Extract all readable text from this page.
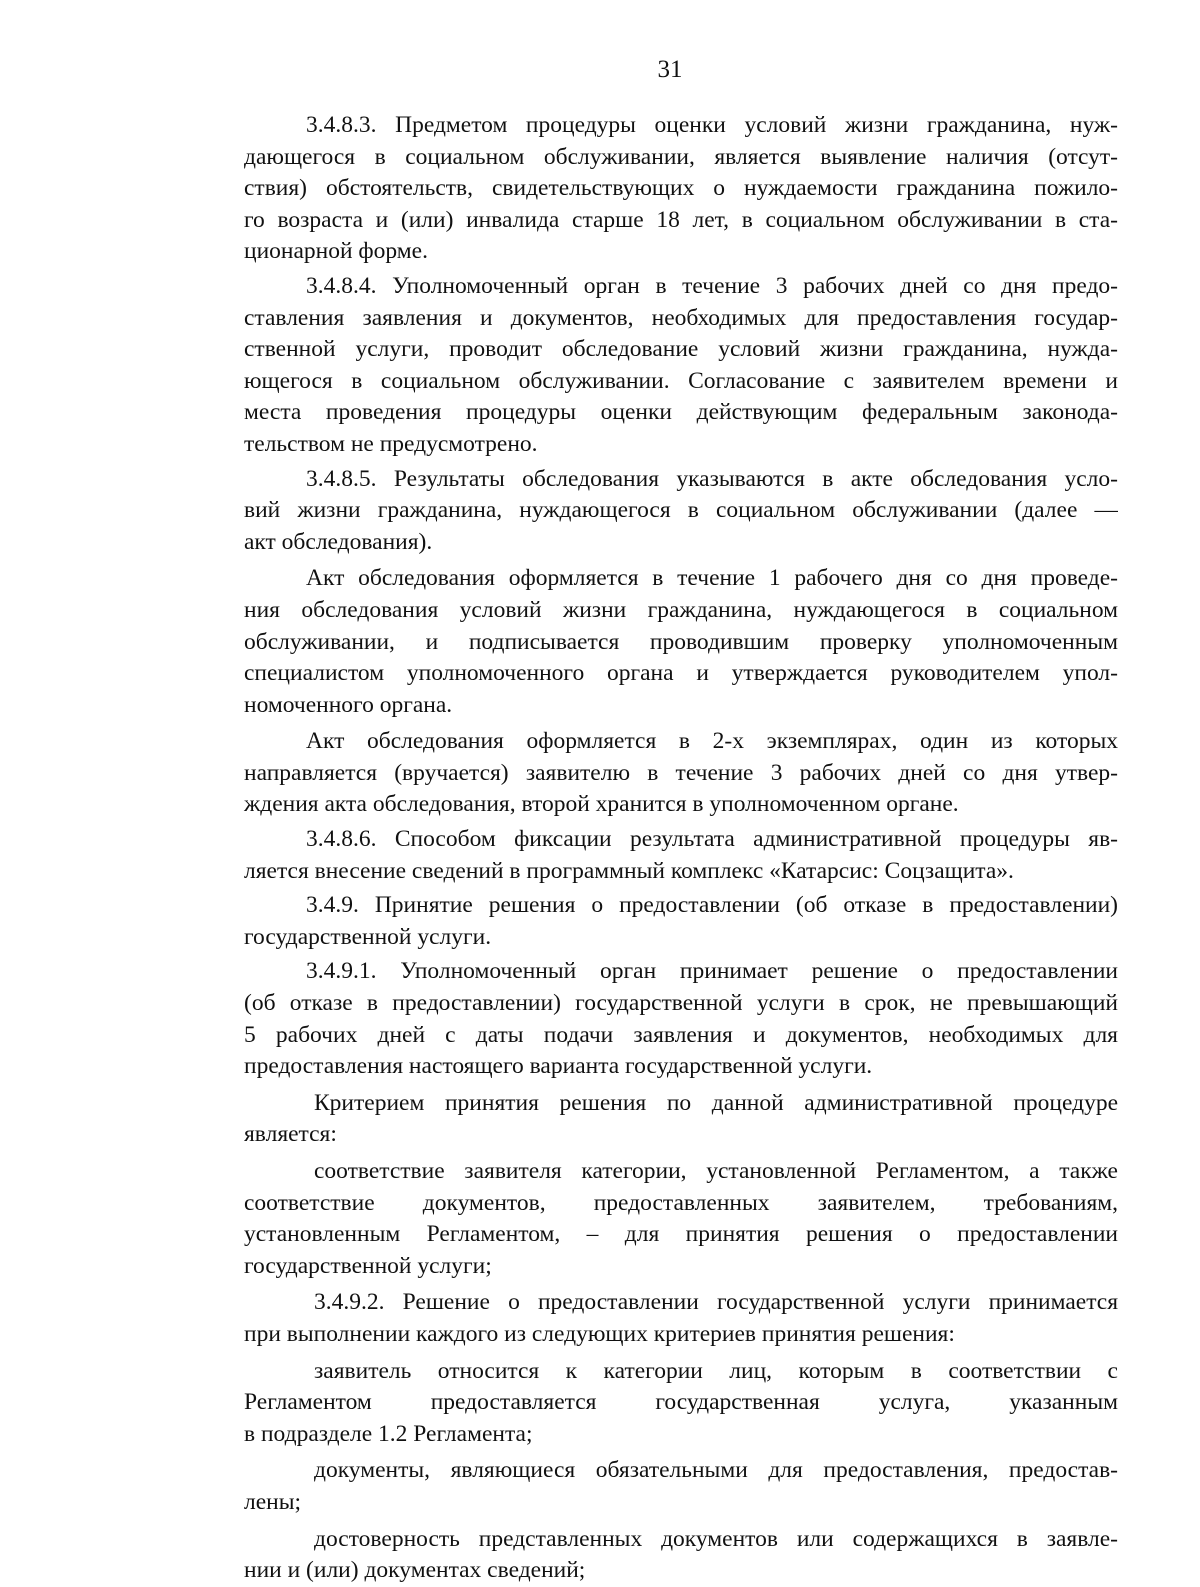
31
3.4.8.3. Предметом процедуры оценки условий жизни гражданина, нуж-
дающегося в социальном обслуживании, является выявление наличия (отсут-
ствия) обстоятельств, свидетельствующих о нуждаемости гражданина пожило-
го возраста и (или) инвалида старше 18 лет, в социальном обслуживании в ста-
ционарной форме.
3.4.8.4. Уполномоченный орган в течение 3 рабочих дней со дня предо-
ставления заявления и документов, необходимых для предоставления государ-
ственной услуги, проводит обследование условий жизни гражданина, нужда-
ющегося в социальном обслуживании. Согласование с заявителем времени и
места проведения процедуры оценки действующим федеральным законода-
тельством не предусмотрено.
3.4.8.5. Результаты обследования указываются в акте обследования усло-
вий жизни гражданина, нуждающегося в социальном обслуживании (далее —
акт обследования).
Акт обследования оформляется в течение 1 рабочего дня со дня проведе-
ния обследования условий жизни гражданина, нуждающегося в социальном
обслуживании, и подписывается проводившим проверку уполномоченным
специалистом уполномоченного органа и утверждается руководителем упол-
номоченного органа.
Акт обследования оформляется в 2-х экземплярах, один из которых
направляется (вручается) заявителю в течение 3 рабочих дней со дня утвер-
ждения акта обследования, второй хранится в уполномоченном органе.
3.4.8.6. Способом фиксации результата административной процедуры яв-
ляется внесение сведений в программный комплекс «Катарсис: Соцзащита».
3.4.9. Принятие решения о предоставлении (об отказе в предоставлении)
государственной услуги.
3.4.9.1. Уполномоченный орган принимает решение о предоставлении
(об отказе в предоставлении) государственной услуги в срок, не превышающий
5 рабочих дней с даты подачи заявления и документов, необходимых для
предоставления настоящего варианта государственной услуги.
Критерием принятия решения по данной административной процедуре
является:
соответствие заявителя категории, установленной Регламентом, а также
соответствие документов, предоставленных заявителем, требованиям,
установленным Регламентом, – для принятия решения о предоставлении
государственной услуги;
3.4.9.2. Решение о предоставлении государственной услуги принимается
при выполнении каждого из следующих критериев принятия решения:
заявитель относится к категории лиц, которым в соответствии с
Регламентом предоставляется государственная услуга, указанным
в подразделе 1.2 Регламента;
документы, являющиеся обязательными для предоставления, предостав-
лены;
достоверность представленных документов или содержащихся в заявле-
нии и (или) документах сведений;
